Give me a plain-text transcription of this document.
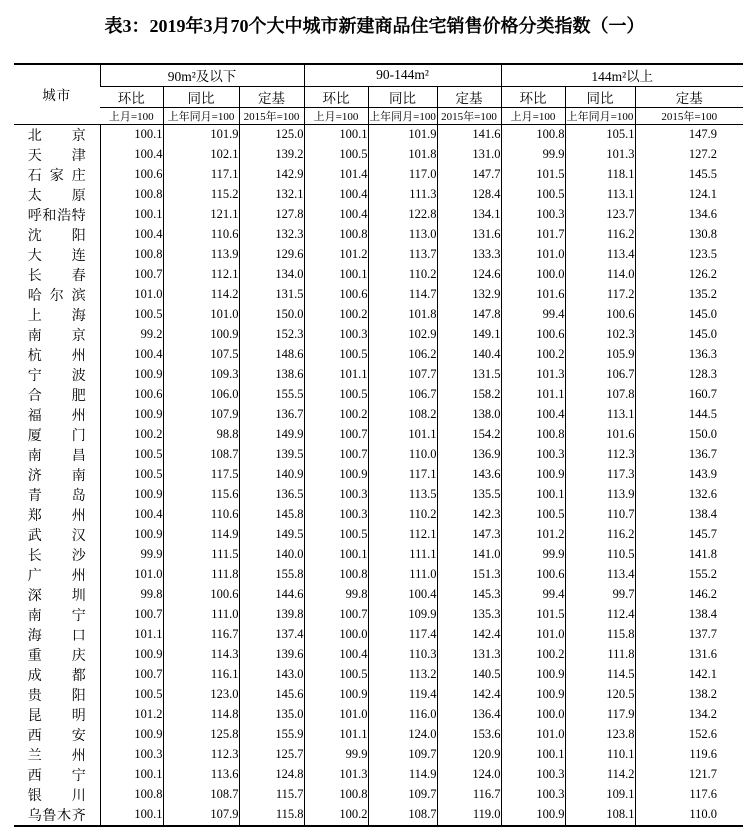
表3：2019年3月70个大中城市新建商品住宅销售价格分类指数（一）
城市	90m²及以下			90-144m²			144m²以上		
	环比	同比	定基	环比	同比	定基	环比	同比	定基
	上月=100	上年同月=100	2015年=100	上月=100	上年同月=100	2015年=100	上月=100	上年同月=100	2015年=100

北 京	100.1	101.9	125.0	100.1	101.9	141.6	100.8	105.1	147.9

天 津	100.4	102.1	139.2	100.5	101.8	131.0	99.9	101.3	127.2

石 家 庄	100.6	117.1	142.9	101.4	117.0	147.7	101.5	118.1	145.5

太 原	100.8	115.2	132.1	100.4	111.3	128.4	100.5	113.1	124.1

呼 和 浩 特	100.1	121.1	127.8	100.4	122.8	134.1	100.3	123.7	134.6

沈 阳	100.4	110.6	132.3	100.8	113.0	131.6	101.7	116.2	130.8

大 连	100.8	113.9	129.6	101.2	113.7	133.3	101.0	113.4	123.5

长 春	100.7	112.1	134.0	100.1	110.2	124.6	100.0	114.0	126.2

哈 尔 滨	101.0	114.2	131.5	100.6	114.7	132.9	101.6	117.2	135.2

上 海	100.5	101.0	150.0	100.2	101.8	147.8	99.4	100.6	145.0

南 京	99.2	100.9	152.3	100.3	102.9	149.1	100.6	102.3	145.0

杭 州	100.4	107.5	148.6	100.5	106.2	140.4	100.2	105.9	136.3

宁 波	100.9	109.3	138.6	101.1	107.7	131.5	101.3	106.7	128.3

合 肥	100.6	106.0	155.5	100.5	106.7	158.2	101.1	107.8	160.7

福 州	100.9	107.9	136.7	100.2	108.2	138.0	100.4	113.1	144.5

厦 门	100.2	98.8	149.9	100.7	101.1	154.2	100.8	101.6	150.0

南 昌	100.5	108.7	139.5	100.7	110.0	136.9	100.3	112.3	136.7

济 南	100.5	117.5	140.9	100.9	117.1	143.6	100.9	117.3	143.9

青 岛	100.9	115.6	136.5	100.3	113.5	135.5	100.1	113.9	132.6

郑 州	100.4	110.6	145.8	100.3	110.2	142.3	100.5	110.7	138.4

武 汉	100.9	114.9	149.5	100.5	112.1	147.3	101.2	116.2	145.7

长 沙	99.9	111.5	140.0	100.1	111.1	141.0	99.9	110.5	141.8

广 州	101.0	111.8	155.8	100.8	111.0	151.3	100.6	113.4	155.2

深 圳	99.8	100.6	144.6	99.8	100.4	145.3	99.4	99.7	146.2

南 宁	100.7	111.0	139.8	100.7	109.9	135.3	101.5	112.4	138.4

海 口	101.1	116.7	137.4	100.0	117.4	142.4	101.0	115.8	137.7

重 庆	100.9	114.3	139.6	100.4	110.3	131.3	100.2	111.8	131.6

成 都	100.7	116.1	143.0	100.5	113.2	140.5	100.9	114.5	142.1

贵 阳	100.5	123.0	145.6	100.9	119.4	142.4	100.9	120.5	138.2

昆 明	101.2	114.8	135.0	101.0	116.0	136.4	100.0	117.9	134.2

西 安	100.9	125.8	155.9	101.1	124.0	153.6	101.0	123.8	152.6

兰 州	100.3	112.3	125.7	99.9	109.7	120.9	100.1	110.1	119.6

西 宁	100.1	113.6	124.8	101.3	114.9	124.0	100.3	114.2	121.7

银 川	100.8	108.7	115.7	100.8	109.7	116.7	100.3	109.1	117.6

乌 鲁 木 齐	100.1	107.9	115.8	100.2	108.7	119.0	100.9	108.1	110.0
